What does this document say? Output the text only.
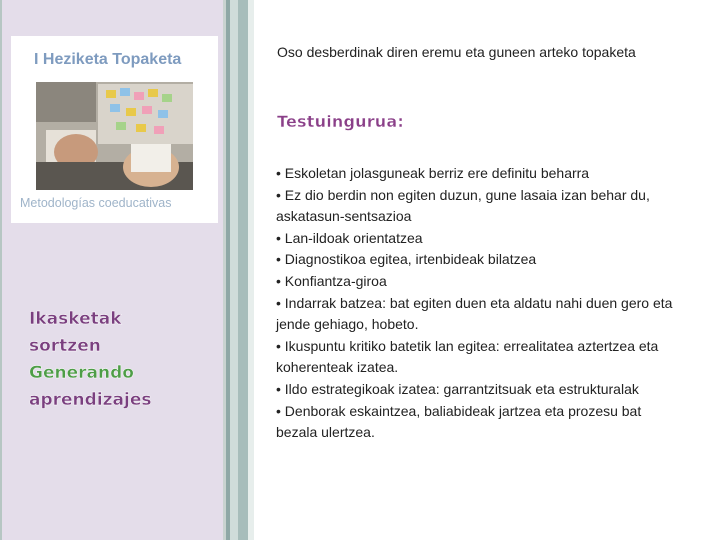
I Heziketa Topaketa
Metodologías coeducativas
Ikasketak
sortzen
Generando
aprendizajes
Oso desberdinak diren eremu eta guneen arteko topaketa
Testuingurua:
• Eskoletan jolasguneak berriz ere definitu beharra
• Ez dio berdin non egiten duzun, gune lasaia izan behar du, askatasun-sentsazioa
• Lan-ildoak orientatzea
• Diagnostikoa egitea, irtenbideak bilatzea
• Konfiantza-giroa
• Indarrak batzea: bat egiten duen eta aldatu nahi duen gero eta jende gehiago, hobeto.
• Ikuspuntu kritiko batetik lan egitea: errealitatea aztertzea eta koherenteak izatea.
• Ildo estrategikoak izatea: garrantzitsuak eta estrukturalak
• Denborak eskaintzea, baliabideak jartzea eta prozesu bat bezala ulertzea.
